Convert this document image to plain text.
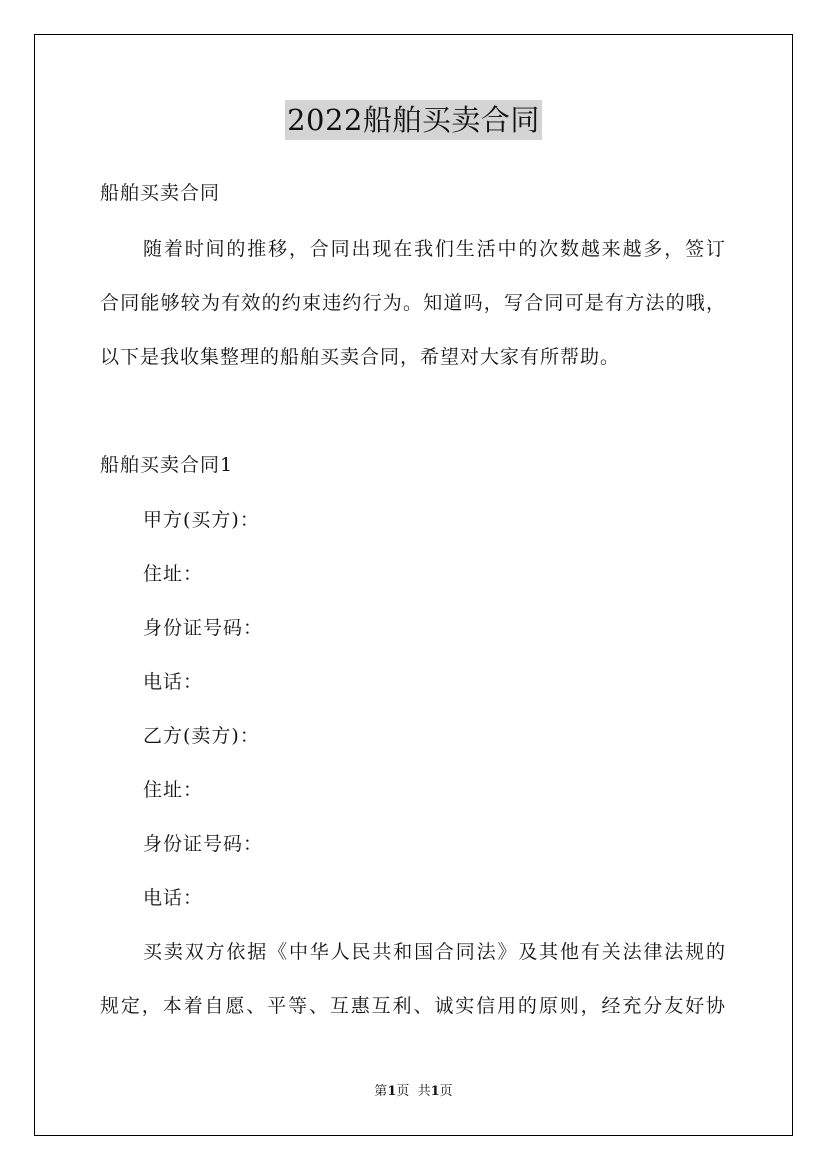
2022船舶买卖合同
船舶买卖合同
随着时间的推移，合同出现在我们生活中的次数越来越多，签订
合同能够较为有效的约束违约行为。知道吗，写合同可是有方法的哦，
以下是我收集整理的船舶买卖合同，希望对大家有所帮助。
船舶买卖合同1
甲方(买方)：
住址：
身份证号码：
电话：
乙方(卖方)：
住址：
身份证号码：
电话：
买卖双方依据《中华人民共和国合同法》及其他有关法律法规的
规定，本着自愿、平等、互惠互利、诚实信用的原则，经充分友好协
第1页  共1页
